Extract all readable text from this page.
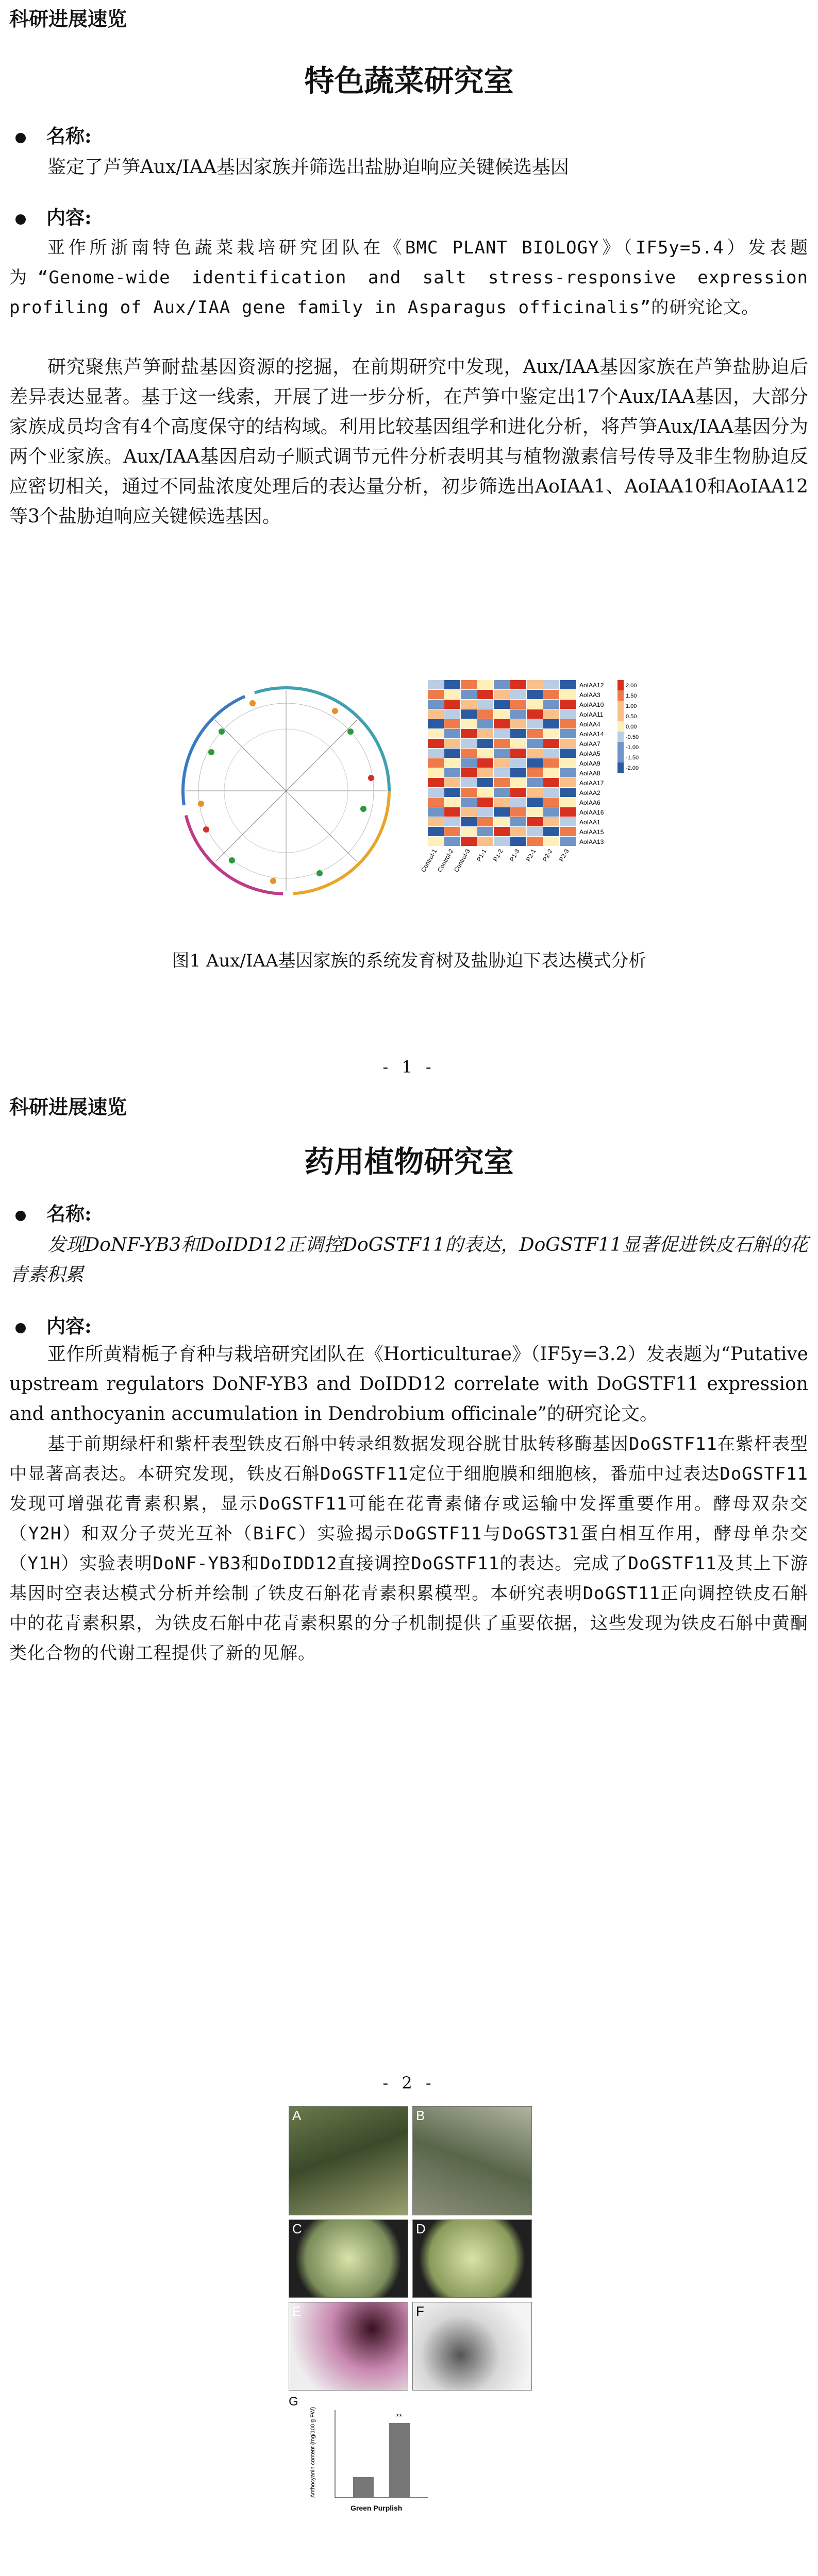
科研进展速览
特色蔬菜研究室
名称:
鉴定了芦笋Aux/IAA基因家族并筛选出盐胁迫响应关键候选基因
内容:
亚作所浙南特色蔬菜栽培研究团队在《BMC PLANT BIOLOGY》（IF5y=5.4）发表题为“Genome-wide identification and salt stress-responsive expression profiling of Aux/IAA gene family in Asparagus officinalis”的研究论文。
研究聚焦芦笋耐盐基因资源的挖掘，在前期研究中发现，Aux/IAA基因家族在芦笋盐胁迫后差异表达显著。基于这一线索，开展了进一步分析，在芦笋中鉴定出17个Aux/IAA基因，大部分家族成员均含有4个高度保守的结构域。利用比较基因组学和进化分析，将芦笋Aux/IAA基因分为两个亚家族。Aux/IAA基因启动子顺式调节元件分析表明其与植物激素信号传导及非生物胁迫反应密切相关，通过不同盐浓度处理后的表达量分析，初步筛选出AoIAA1、AoIAA10和AoIAA12等3个盐胁迫响应关键候选基因。
AoIAA12
AoIAA3
AoIAA10
AoIAA11
AoIAA4
AoIAA14
AoIAA7
AoIAA5
AoIAA9
AoIAA8
AoIAA17
AoIAA2
AoIAA6
AoIAA16
AoIAA1
AoIAA15
AoIAA13
Control-1
Control-2
Control-3 P1-1 P1-2 P1-3 P2-1 P2-2 P2-3
2.00
1.50
1.00
0.50
0.00
-0.50
-1.00
-1.50
-2.00
图1 Aux/IAA基因家族的系统发育树及盐胁迫下表达模式分析
- 1 -
科研进展速览
药用植物研究室
名称:
发现DoNF-YB3和DoIDD12正调控DoGSTF11的表达，DoGSTF11显著促进铁皮石斛的花青素积累
内容:
亚作所黄精栀子育种与栽培研究团队在《Horticulturae》（IF5y=3.2）发表题为“Putative upstream regulators DoNF-YB3 and DoIDD12 correlate with DoGSTF11 expression and anthocyanin accumulation in Dendrobium officinale”的研究论文。
基于前期绿杆和紫杆表型铁皮石斛中转录组数据发现谷胱甘肽转移酶基因DoGSTF11在紫杆表型中显著高表达。本研究发现，铁皮石斛DoGSTF11定位于细胞膜和细胞核，番茄中过表达DoGSTF11发现可增强花青素积累，显示DoGSTF11可能在花青素储存或运输中发挥重要作用。酵母双杂交（Y2H）和双分子荧光互补（BiFC）实验揭示DoGSTF11与DoGST31蛋白相互作用，酵母单杂交（Y1H）实验表明DoNF-YB3和DoIDD12直接调控DoGSTF11的表达。完成了DoGSTF11及其上下游基因时空表达模式分析并绘制了铁皮石斛花青素积累模型。本研究表明DoGST11正向调控铁皮石斛中的花青素积累，为铁皮石斛中花青素积累的分子机制提供了重要依据，这些发现为铁皮石斛中黄酮类化合物的代谢工程提供了新的见解。
- 2 -
A	B
C	D
E	F
G
**
Anthocyanin content (mg/100 g FW)
Green Purplish
